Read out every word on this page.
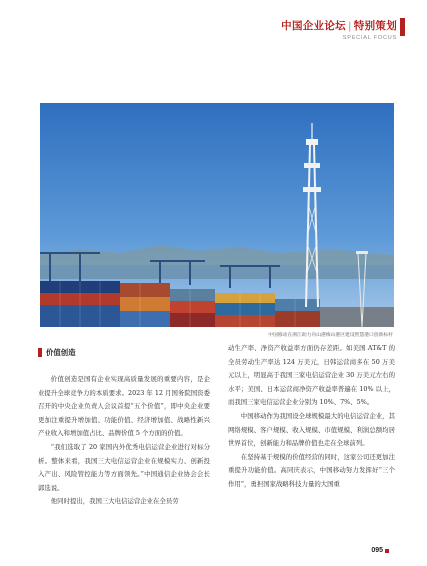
中国企业论坛 | 特别策划
SPECIAL FOCUS
中国移动在浙江助力舟山港梅山港区建设智慧港口创新标杆
价值创造

价值创造是国有企业实现高质量发展的重要内容，是企业提升全球竞争力的本质要求。2023 年 12 月国务院国资委召开的中央企业负责人会议首提“五个价值”，即中央企业要更加注重提升增加值、功能价值、经济增加值、战略性新兴产业收入和增加值占比、品牌价值 5 个方面的价值。

“我们选取了 20 家国内外优秀电信运营企业进行对标分析。整体来看，我国三大电信运营企业在规模实力、创新投入产出、风险管控能力等方面领先。”中国通信企业协会会长郭选说。

他同时提出，我国三大电信运营企业在全员劳

动生产率、净资产收益率方面仍存差距。如美国 AT&T 的全员劳动生产率达 124 万美元，日韩运营商多在 50 万美元以上，明显高于我国三家电信运营企业 30 万美元左右的水平；美国、日本运营商净资产收益率普遍在 10% 以上，而我国三家电信运营企业分别为 10%、7%、5%。

中国移动作为我国设全球规模最大的电信运营企业，其网络规模、客户规模、收入规模、市值规模、利润总额均居世界首位，创新能力和品牌价值也走在全球前列。

在坚持基于规模的价值经营的同时，这家公司还更加注重提升功能价值。高同庆表示，中国移动努力发挥好“三个作用”，勇担国家战略科技力量的大国重

095
